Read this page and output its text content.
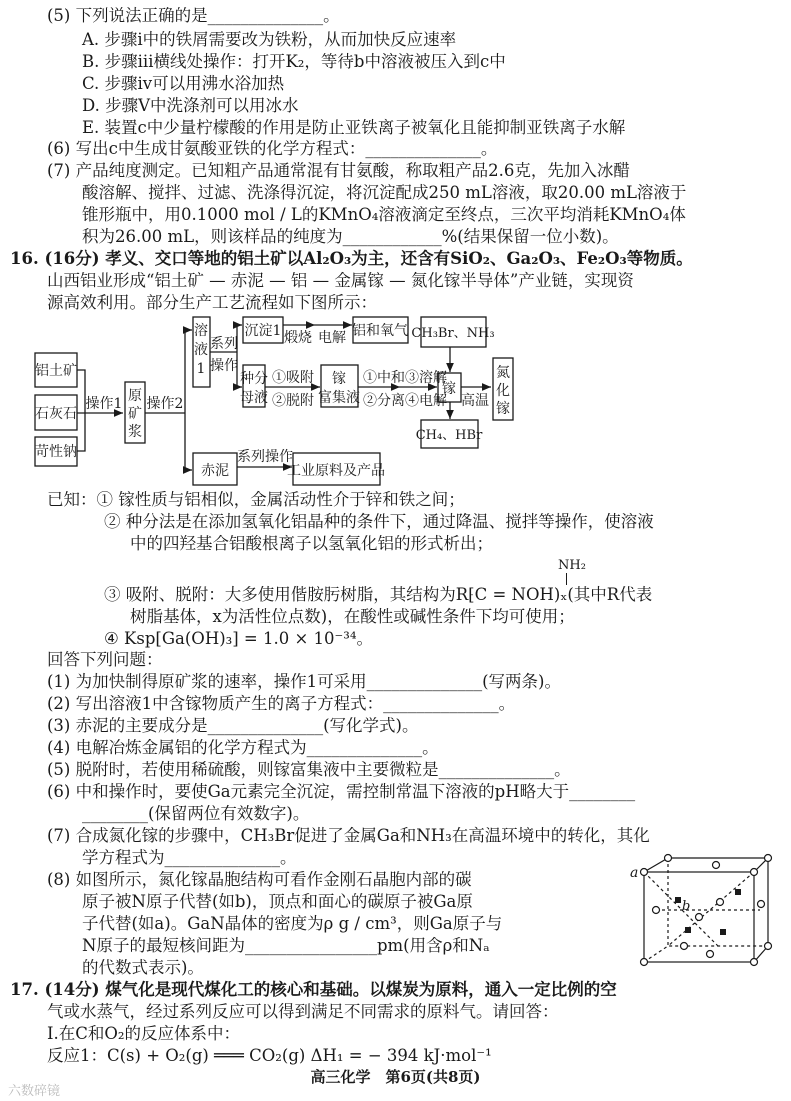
(5) 下列说法正确的是______________。
A. 步骤ⅰ中的铁屑需要改为铁粉，从而加快反应速率
B. 步骤ⅲ横线处操作：打开K₂，等待b中溶液被压入到c中
C. 步骤ⅳ可以用沸水浴加热
D. 步骤Ⅴ中洗涤剂可以用冰水
E. 装置c中少量柠檬酸的作用是防止亚铁离子被氧化且能抑制亚铁离子水解
(6) 写出c中生成甘氨酸亚铁的化学方程式：______________。
(7) 产品纯度测定。已知粗产品通常混有甘氨酸，称取粗产品2.6克，先加入冰醋
酸溶解、搅拌、过滤、洗涤得沉淀，将沉淀配成250 mL溶液，取20.00 mL溶液于
锥形瓶中，用0.1000 mol / L的KMnO₄溶液滴定至终点，三次平均消耗KMnO₄体
积为26.00 mL，则该样品的纯度为____________%(结果保留一位小数)。
16. (16分) 孝义、交口等地的铝土矿以Al₂O₃为主，还含有SiO₂、Ga₂O₃、Fe₂O₃等物质。
山西铝业形成“铝土矿 — 赤泥 — 铝 — 金属镓 — 氮化镓半导体”产业链，实现资
源高效利用。部分生产工艺流程如下图所示：
铝土矿
石灰石
苛性钠
操作1 原
矿
浆
操作2
溶
液
1
系列
操作
沉淀1 煅烧 电解 铝和氧气
种分
母液
①吸附
②脱附
镓
富集液
①中和③溶解
②分离④电解
镓
CH₃Br、NH₃
CH₄、HBr
高温
氮
化
镓
赤泥
系列操作
工业原料及产品
已知：① 镓性质与铝相似，金属活动性介于锌和铁之间；
② 种分法是在添加氢氧化铝晶种的条件下，通过降温、搅拌等操作，使溶液
中的四羟基合铝酸根离子以氢氧化铝的形式析出；
NH₂
③ 吸附、脱附：大多使用偕胺肟树脂，其结构为R⁅C = NOH)ₓ(其中R代表
树脂基体，x为活性位点数)，在酸性或碱性条件下均可使用；
④ Ksp[Ga(OH)₃] = 1.0 × 10⁻³⁴。
回答下列问题：
(1) 为加快制得原矿浆的速率，操作1可采用______________(写两条)。
(2) 写出溶液1中含镓物质产生的离子方程式：______________。
(3) 赤泥的主要成分是______________(写化学式)。
(4) 电解冶炼金属铝的化学方程式为______________。
(5) 脱附时，若使用稀硫酸，则镓富集液中主要微粒是______________。
(6) 中和操作时，要使Ga元素完全沉淀，需控制常温下溶液的pH略大于________
________(保留两位有效数字)。
(7) 合成氮化镓的步骤中，CH₃Br促进了金属Ga和NH₃在高温环境中的转化，其化
学方程式为______________。
(8) 如图所示，氮化镓晶胞结构可看作金刚石晶胞内部的碳
原子被N原子代替(如b)，顶点和面心的碳原子被Ga原
子代替(如a)。GaN晶体的密度为ρ g / cm³，则Ga原子与
N原子的最短核间距为________________pm(用含ρ和Nₐ
的代数式表示)。
a
b
17. (14分) 煤气化是现代煤化工的核心和基础。以煤炭为原料，通入一定比例的空
气或水蒸气，经过系列反应可以得到满足不同需求的原料气。请回答：
Ⅰ.在C和O₂的反应体系中：
反应1：C(s) + O₂(g) ═══ CO₂(g) ΔH₁ = − 394 kJ·mol⁻¹
高三化学　第6页(共8页)
六数碎镜
